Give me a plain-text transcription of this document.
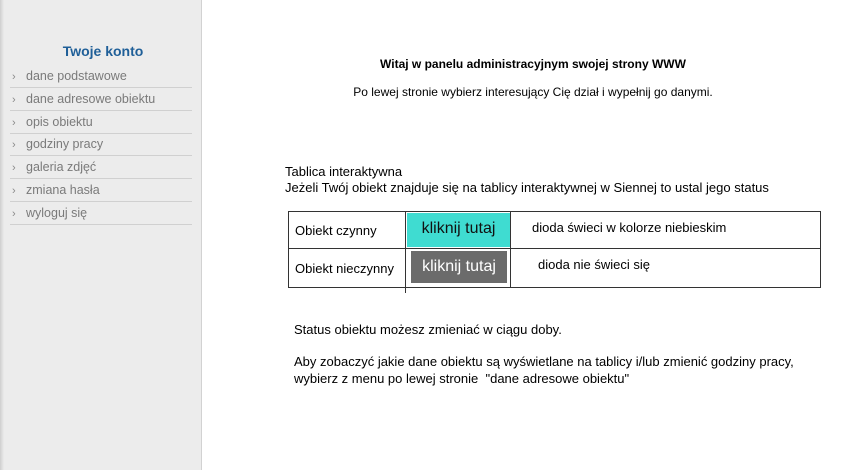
Twoje konto
› dane podstawowe
› dane adresowe obiektu
› opis obiektu
› godziny pracy
› galeria zdjęć
› zmiana hasła
› wyloguj się
Witaj w panelu administracyjnym swojej strony WWW
Po lewej stronie wybierz interesujący Cię dział i wypełnij go danymi.
Tablica interaktywna
Jeżeli Twój obiekt znajduje się na tablicy interaktywnej w Siennej to ustal jego status
Obiekt czynny	kliknij tutaj	dioda świeci w kolorze niebieskim
Obiekt nieczynny	kliknij tutaj	dioda nie świeci się
Status obiektu możesz zmieniać w ciągu doby.
Aby zobaczyć jakie dane obiektu są wyświetlane na tablicy i/lub zmienić godziny pracy,
wybierz z menu po lewej stronie  "dane adresowe obiektu"
